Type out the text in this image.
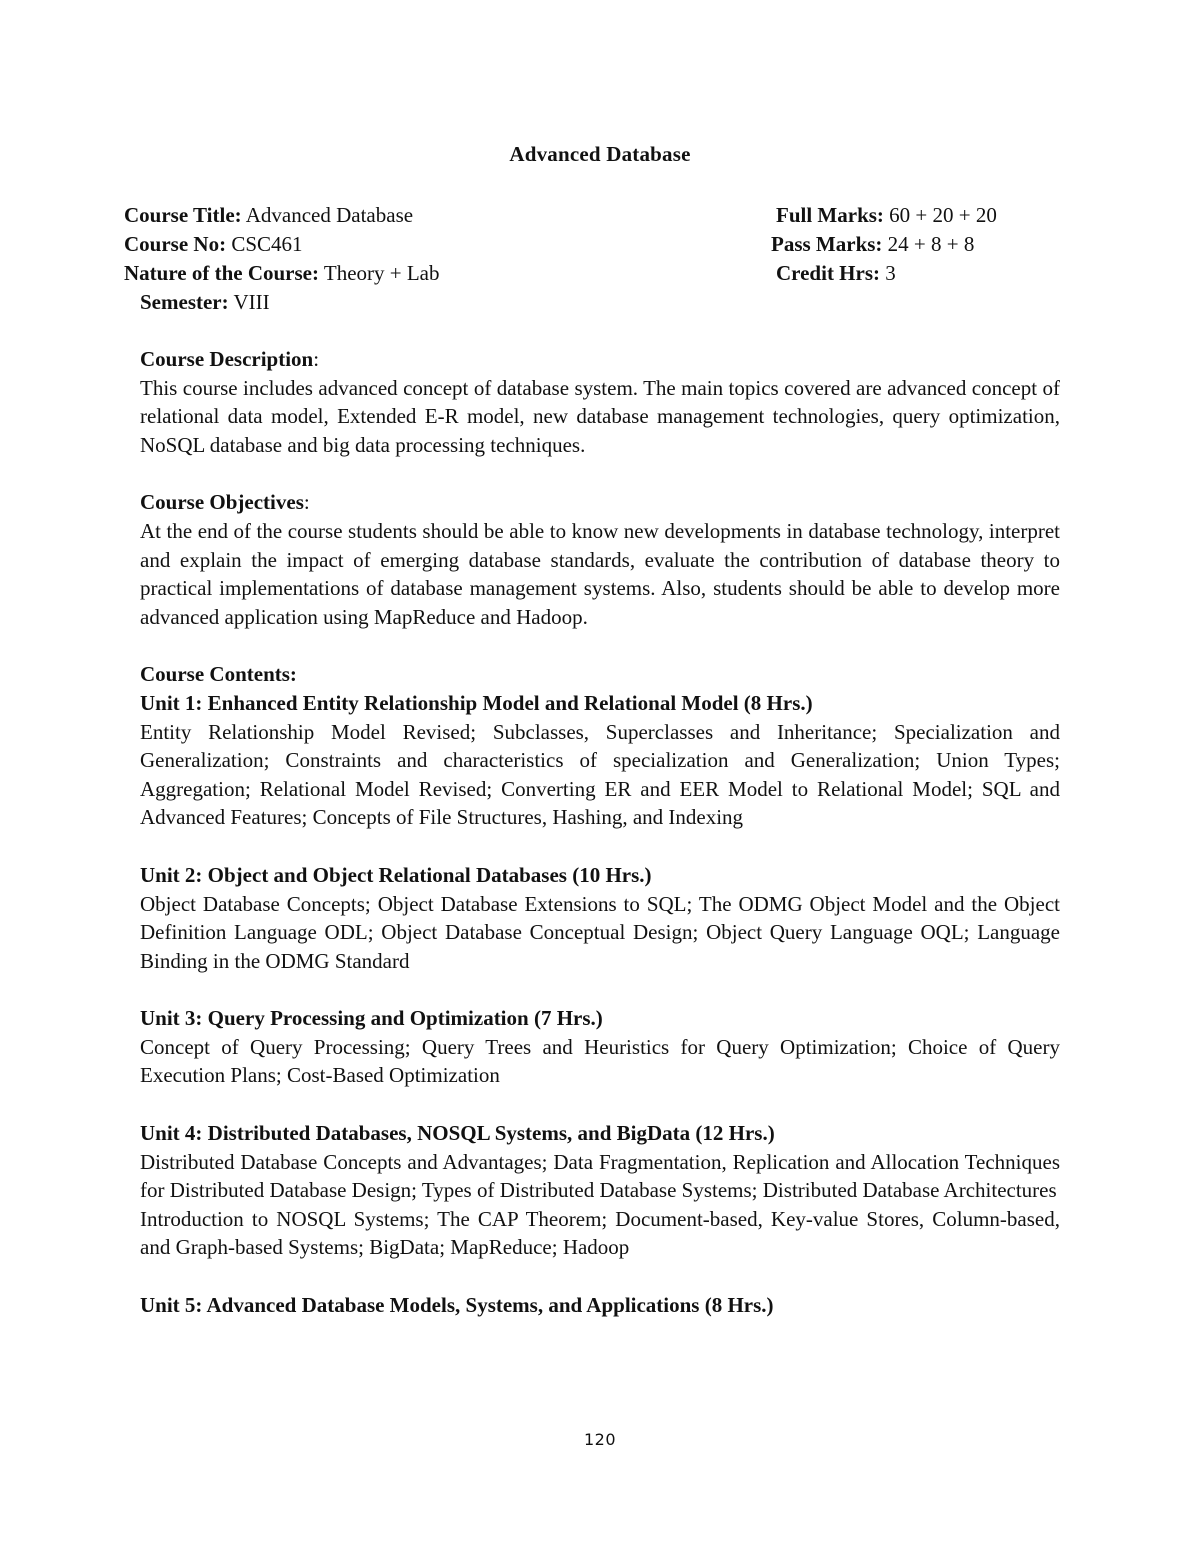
Advanced Database
Course Title: Advanced Database
Course No: CSC461
Nature of the Course: Theory + Lab
Semester: VIII
Full Marks: 60 + 20 + 20
Pass Marks: 24 + 8 + 8
Credit Hrs: 3

Course Description:

This course includes advanced concept of database system. The main topics covered are advanced concept of relational data model, Extended E-R model, new database management technologies, query optimization, NoSQL database and big data processing techniques.

Course Objectives:

At the end of the course students should be able to know new developments in database technology, interpret and explain the impact of emerging database standards, evaluate the contribution of database theory to practical implementations of database management systems. Also, students should be able to develop more advanced application using MapReduce and Hadoop.

Course Contents:

Unit 1: Enhanced Entity Relationship Model and Relational Model (8 Hrs.)

Entity Relationship Model Revised; Subclasses, Superclasses and Inheritance; Specialization and Generalization; Constraints and characteristics of specialization and Generalization; Union Types; Aggregation; Relational Model Revised; Converting ER and EER Model to Relational Model; SQL and Advanced Features; Concepts of File Structures, Hashing, and Indexing

Unit 2: Object and Object Relational Databases (10 Hrs.)

Object Database Concepts; Object Database Extensions to SQL; The ODMG Object Model and the Object Definition Language ODL; Object Database Conceptual Design; Object Query Language OQL; Language Binding in the ODMG Standard

Unit 3: Query Processing and Optimization (7 Hrs.)

Concept of Query Processing; Query Trees and Heuristics for Query Optimization; Choice of Query Execution Plans; Cost-Based Optimization

Unit 4: Distributed Databases, NOSQL Systems, and BigData (12 Hrs.)

Distributed Database Concepts and Advantages; Data Fragmentation, Replication and Allocation Techniques for Distributed Database Design; Types of Distributed Database Systems; Distributed Database Architectures

Introduction to NOSQL Systems; The CAP Theorem; Document-based, Key-value Stores, Column-based, and Graph-based Systems; BigData; MapReduce; Hadoop

Unit 5: Advanced Database Models, Systems, and Applications (8 Hrs.)

120
